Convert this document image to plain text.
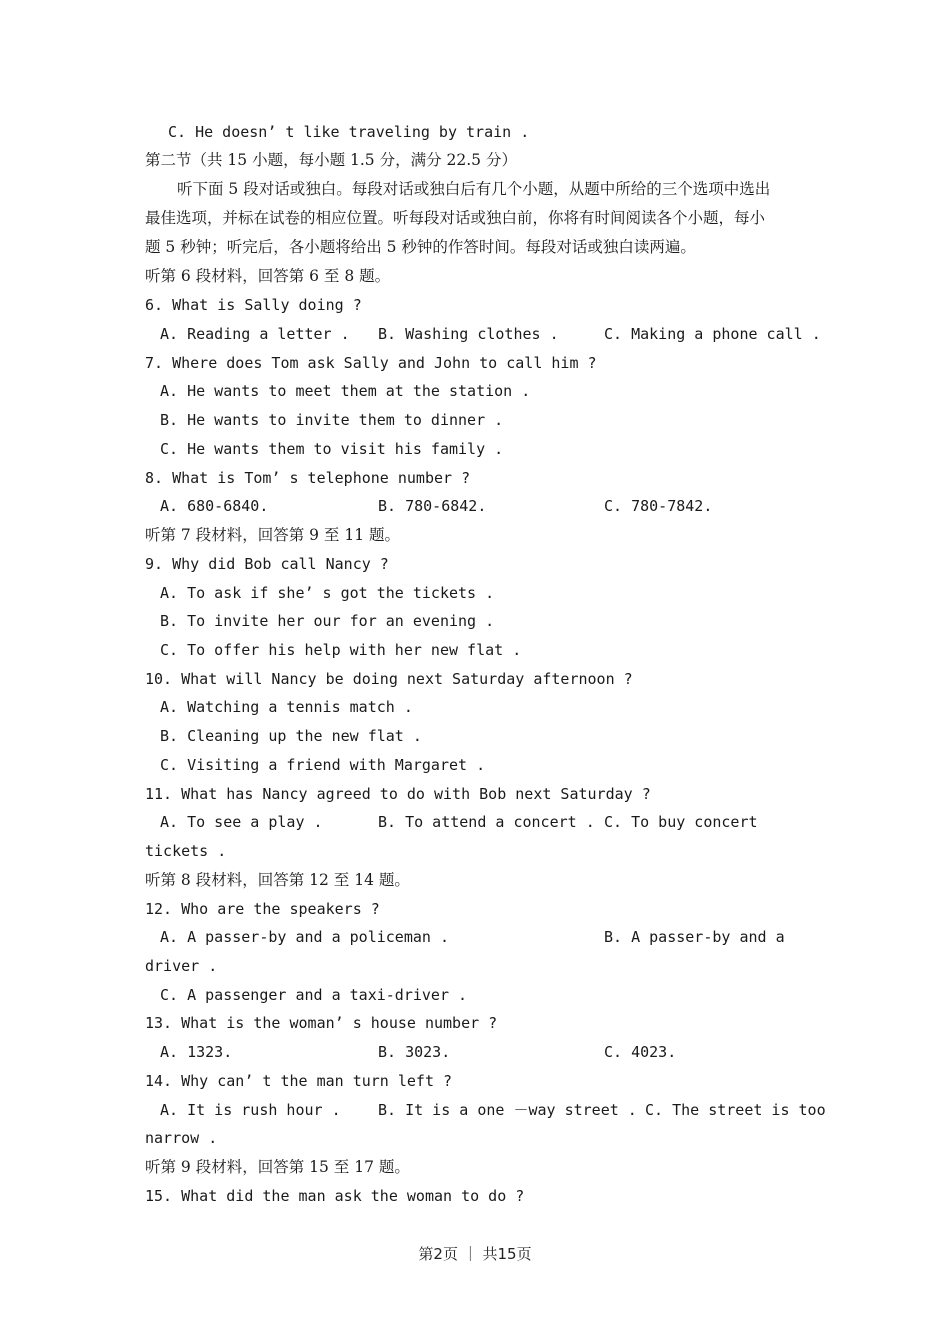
C. He doesn’ t like traveling by train .
第二节（共 15 小题，每小题 1.5 分，满分 22.5 分）
听下面 5 段对话或独白。每段对话或独白后有几个小题，从题中所给的三个选项中选出
最佳选项，并标在试卷的相应位置。听每段对话或独白前，你将有时间阅读各个小题，每小
题 5 秒钟；听完后，各小题将给出 5 秒钟的作答时间。每段对话或独白读两遍。
听第 6 段材料，回答第 6 至 8 题。
6. What is Sally doing ?
A. Reading a letter . B. Washing clothes .	C. Making a phone call .
7. Where does Tom ask Sally and John to call him ?
A. He wants to meet them at the station .
B. He wants to invite them to dinner .
C. He wants them to visit his family .
8. What is Tom’ s telephone number ?
A. 680-6840.	B. 780-6842.	C. 780-7842.
听第 7 段材料，回答第 9 至 11 题。
9. Why did Bob call Nancy ?
A. To ask if she’ s got the tickets .
B. To invite her our for an evening .
C. To offer his help with her new flat .
10. What will Nancy be doing next Saturday afternoon ?
A. Watching a tennis match .
B. Cleaning up the new flat .
C. Visiting a friend with Margaret .
11. What has Nancy agreed to do with Bob next Saturday ?
A. To see a play .	B. To attend a concert . C. To buy concert
tickets .
听第 8 段材料，回答第 12 至 14 题。
12. Who are the speakers ?
A. A passer-by and a policeman .	B. A passer-by and a
driver .
C. A passenger and a taxi-driver .
13. What is the woman’ s house number ?
A. 1323.	B. 3023.	C. 4023.
14. Why can’ t the man turn left ?
A. It is rush hour . B. It is a one －way street . C. The street is too
narrow .
听第 9 段材料，回答第 15 至 17 题。
15. What did the man ask the woman to do ?
第2页 ｜ 共15页
